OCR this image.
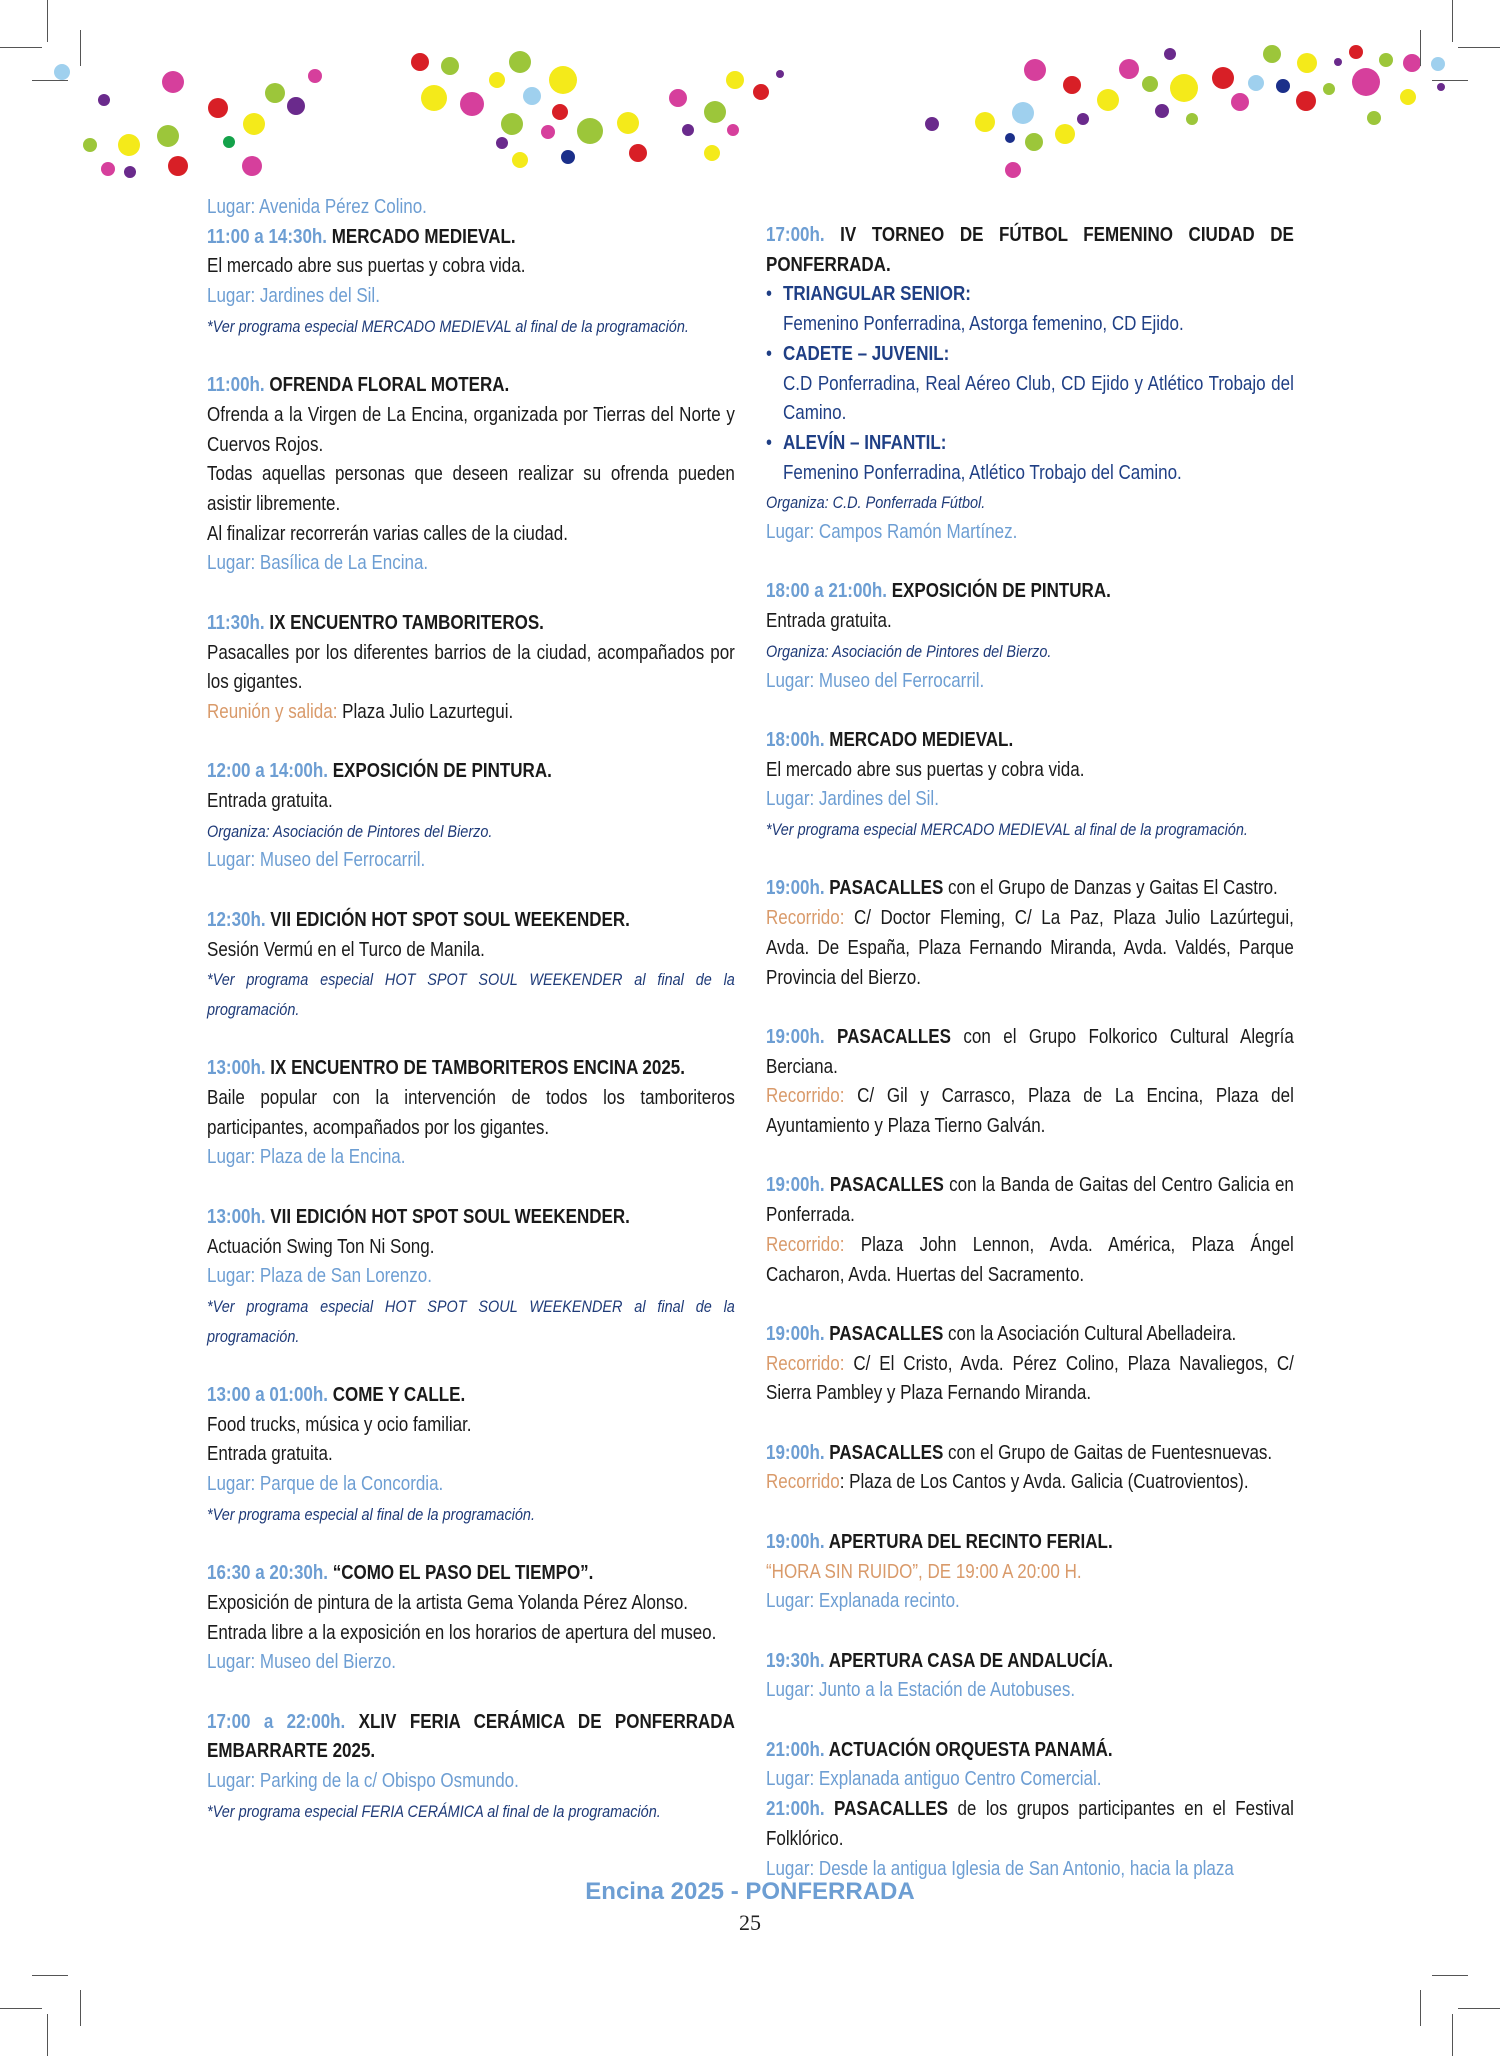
Lugar: Avenida Pérez Colino.
11:00 a 14:30h. MERCADO MEDIEVAL.
El mercado abre sus puertas y cobra vida.
Lugar: Jardines del Sil.
*Ver programa especial MERCADO MEDIEVAL al final de la programación.
11:00h. OFRENDA FLORAL MOTERA.
Ofrenda a la Virgen de La Encina, organizada por Tierras del Norte y Cuervos Rojos.
Todas aquellas personas que deseen realizar su ofrenda pueden asistir libremente.
Al finalizar recorrerán varias calles de la ciudad.
Lugar: Basílica de La Encina.
11:30h. IX ENCUENTRO TAMBORITEROS.
Pasacalles por los diferentes barrios de la ciudad, acompañados por los gigantes.
Reunión y salida: Plaza Julio Lazurtegui.
12:00 a 14:00h. EXPOSICIÓN DE PINTURA.
Entrada gratuita.
Organiza: Asociación de Pintores del Bierzo.
Lugar: Museo del Ferrocarril.
12:30h. VII EDICIÓN HOT SPOT SOUL WEEKENDER.
Sesión Vermú en el Turco de Manila.
*Ver programa especial HOT SPOT SOUL WEEKENDER al final de la programación.
13:00h. IX ENCUENTRO DE TAMBORITEROS ENCINA 2025.
Baile popular con la intervención de todos los tamboriteros participantes, acompañados por los gigantes.
Lugar: Plaza de la Encina.
13:00h. VII EDICIÓN HOT SPOT SOUL WEEKENDER.
Actuación Swing Ton Ni Song.
Lugar: Plaza de San Lorenzo.
*Ver programa especial HOT SPOT SOUL WEEKENDER al final de la programación.
13:00 a 01:00h. COME Y CALLE.
Food trucks, música y ocio familiar.
Entrada gratuita.
Lugar: Parque de la Concordia.
*Ver programa especial al final de la programación.
16:30 a 20:30h. “COMO EL PASO DEL TIEMPO”.
Exposición de pintura de la artista Gema Yolanda Pérez Alonso.
Entrada libre a la exposición en los horarios de apertura del museo.
Lugar: Museo del Bierzo.
17:00 a 22:00h. XLIV FERIA CERÁMICA DE PONFERRADA EMBARRARTE 2025.
Lugar: Parking de la c/ Obispo Osmundo.
*Ver programa especial FERIA CERÁMICA al final de la programación.
17:00h. IV TORNEO DE FÚTBOL FEMENINO CIUDAD DE PONFERRADA.
• TRIANGULAR SENIOR:
Femenino Ponferradina, Astorga femenino, CD Ejido.
• CADETE – JUVENIL:
C.D Ponferradina, Real Aéreo Club, CD Ejido y Atlético Trobajo del Camino.
• ALEVÍN – INFANTIL:
Femenino Ponferradina, Atlético Trobajo del Camino.
Organiza: C.D. Ponferrada Fútbol.
Lugar: Campos Ramón Martínez.
18:00 a 21:00h. EXPOSICIÓN DE PINTURA.
Entrada gratuita.
Organiza: Asociación de Pintores del Bierzo.
Lugar: Museo del Ferrocarril.
18:00h. MERCADO MEDIEVAL.
El mercado abre sus puertas y cobra vida.
Lugar: Jardines del Sil.
*Ver programa especial MERCADO MEDIEVAL al final de la programación.
19:00h. PASACALLES con el Grupo de Danzas y Gaitas El Castro.
Recorrido: C/ Doctor Fleming, C/ La Paz, Plaza Julio Lazúrtegui, Avda. De España, Plaza Fernando Miranda, Avda. Valdés, Parque Provincia del Bierzo.
19:00h. PASACALLES con el Grupo Folkorico Cultural Alegría Berciana.
Recorrido: C/ Gil y Carrasco, Plaza de La Encina, Plaza del Ayuntamiento y Plaza Tierno Galván.
19:00h. PASACALLES con la Banda de Gaitas del Centro Galicia en Ponferrada.
Recorrido: Plaza John Lennon, Avda. América, Plaza Ángel Cacharon, Avda. Huertas del Sacramento.
19:00h. PASACALLES con la Asociación Cultural Abelladeira.
Recorrido: C/ El Cristo, Avda. Pérez Colino, Plaza Navaliegos, C/ Sierra Pambley y Plaza Fernando Miranda.
19:00h. PASACALLES con el Grupo de Gaitas de Fuentesnuevas.
Recorrido: Plaza de Los Cantos y Avda. Galicia (Cuatrovientos).
19:00h. APERTURA DEL RECINTO FERIAL.
“HORA SIN RUIDO”, DE 19:00 A 20:00 H.
Lugar: Explanada recinto.
19:30h. APERTURA CASA DE ANDALUCÍA.
Lugar: Junto a la Estación de Autobuses.
21:00h. ACTUACIÓN ORQUESTA PANAMÁ.
Lugar: Explanada antiguo Centro Comercial.
21:00h. PASACALLES de los grupos participantes en el Festival Folklórico.
Lugar: Desde la antigua Iglesia de San Antonio, hacia la plaza
Encina 2025 - PONFERRADA
25
